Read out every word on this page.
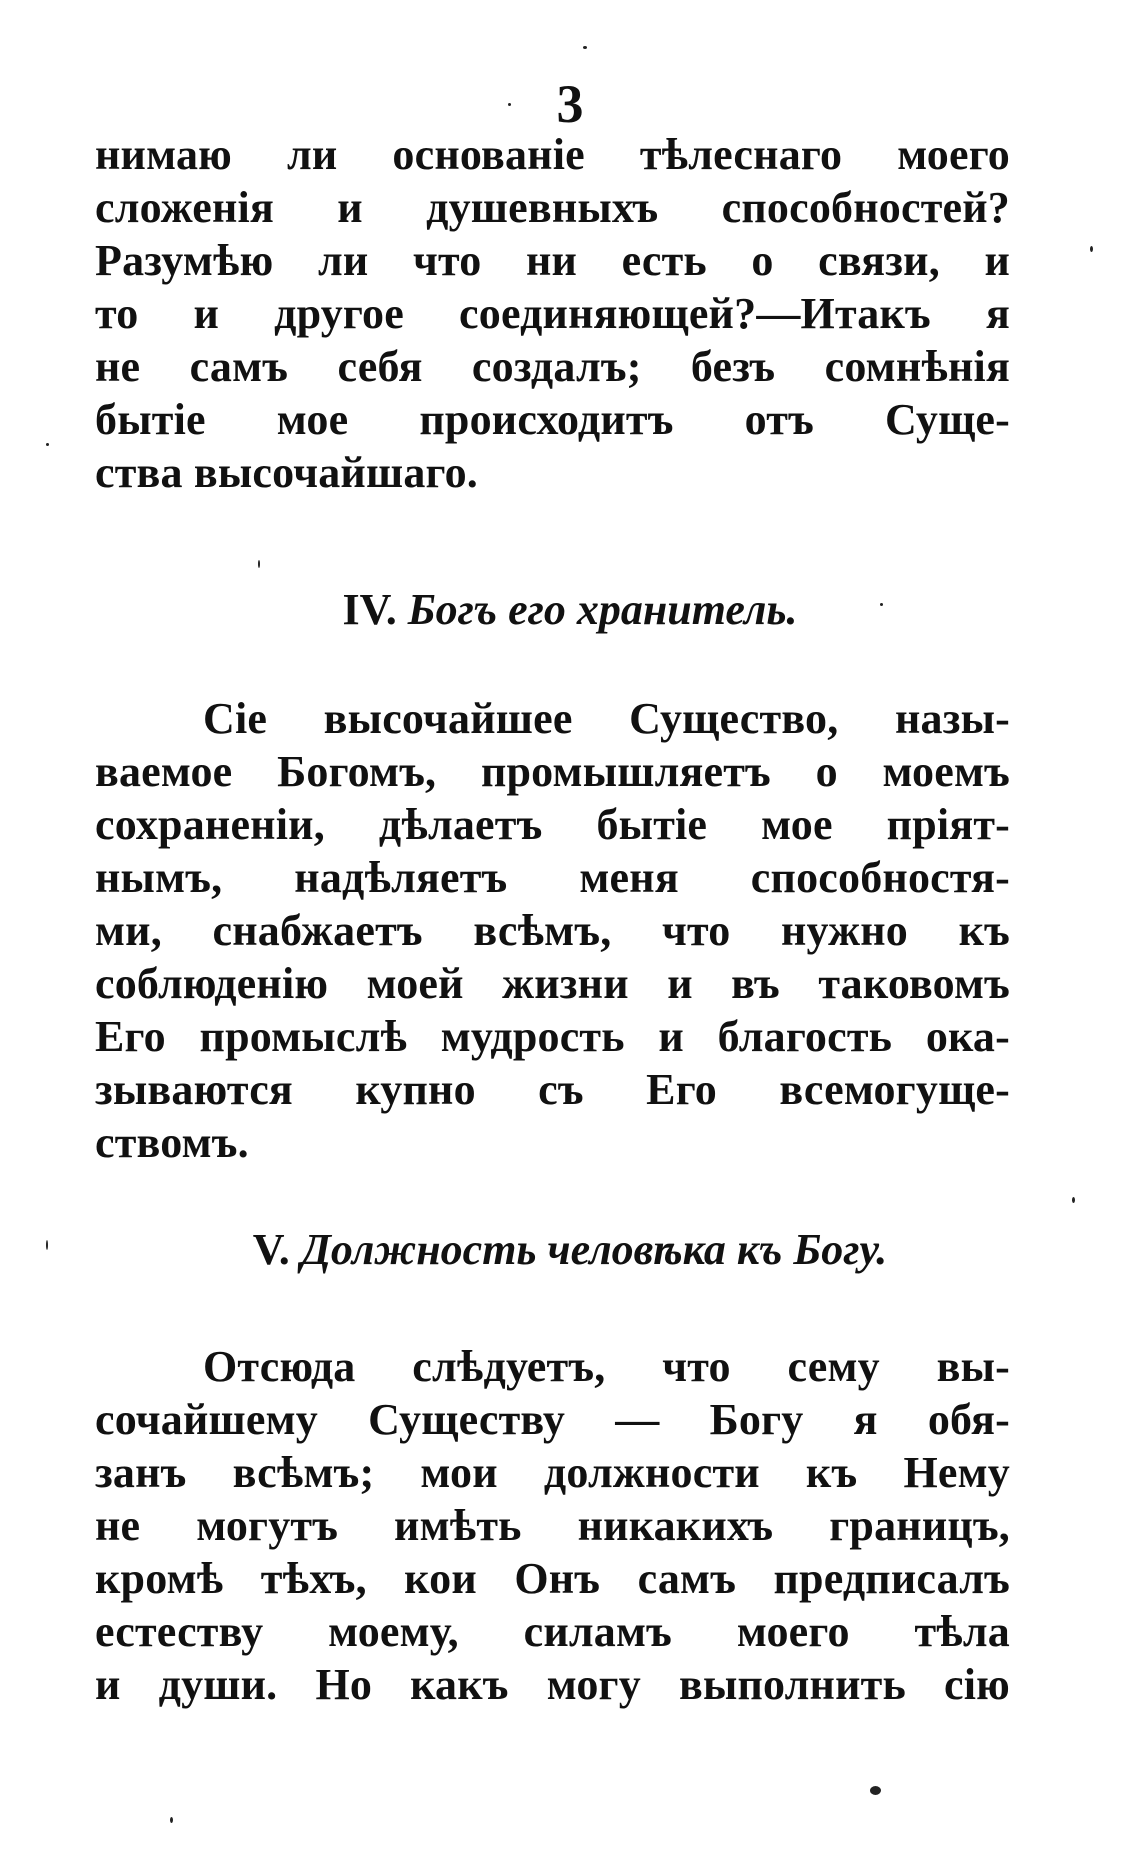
3
нимаю ли основаніе тѣлеснаго моего
сложенія и душевныхъ способностей?
Разумѣю ли что ни есть о связи, и
то и другое соединяющей?—Итакъ я
не самъ себя создалъ; безъ сомнѣнія
бытіе мое происходитъ отъ Суще-
ства высочайшаго.
IV. Богъ его хранитель.
Сіе высочайшее Существо, назы-
ваемое Богомъ, промышляетъ о моемъ
сохраненіи, дѣлаетъ бытіе мое пріят-
нымъ, надѣляетъ меня способностя-
ми, снабжаетъ всѣмъ, что нужно къ
соблюденію моей жизни и въ таковомъ
Его промыслѣ мудрость и благость ока-
зываются купно съ Его всемогуще-
ствомъ.
V. Должность человѣка къ Богу.
Отсюда слѣдуетъ, что сему вы-
сочайшему Существу — Богу я обя-
занъ всѣмъ; мои должности къ Нему
не могутъ имѣть никакихъ границъ,
кромѣ тѣхъ, кои Онъ самъ предписалъ
естеству моему, силамъ моего тѣла
и души. Но какъ могу выполнить сію
